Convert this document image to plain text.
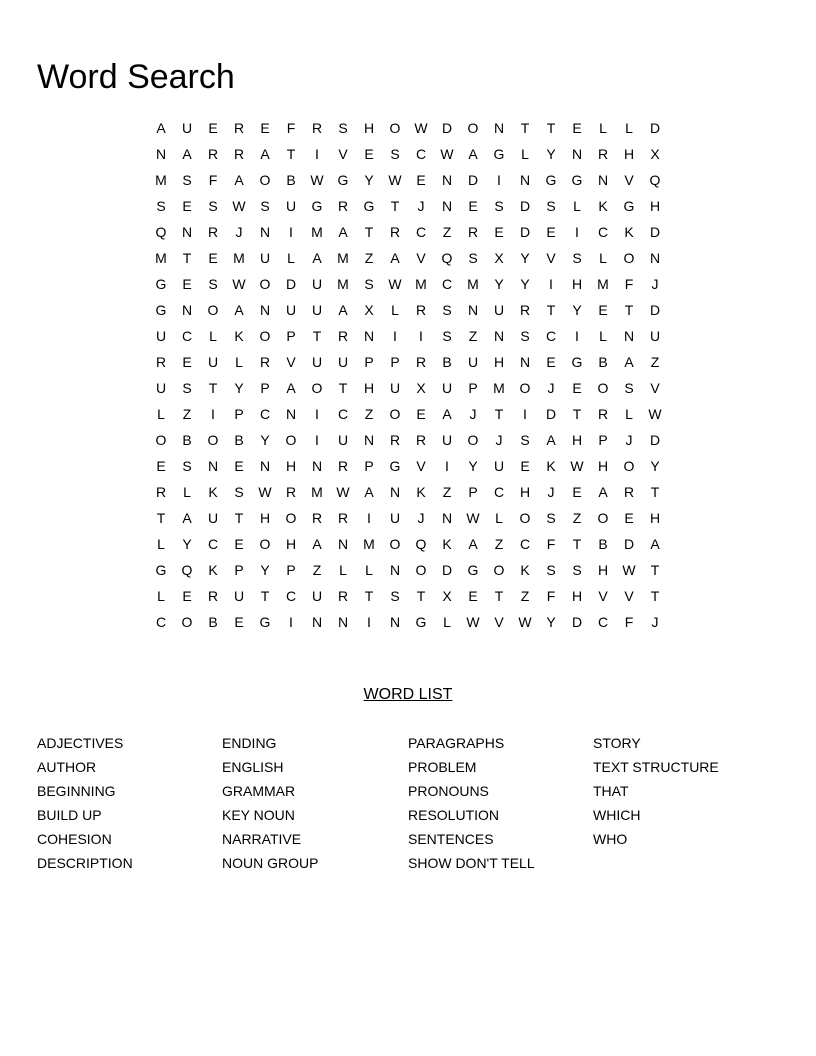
Word Search
A	U	E	R	E	F	R	S	H	O W	D	O	N	T	T	E	L	L	D
N	A	R	R	A	T	I	V	E	S	C	W	A	G	L	Y	N	R	H	X
M	S	F	A	O	B	W G	Y	W	E	N	D	I	N	G	G	N	V	Q
S	E	S	W	S	U	G	R	G	T	J	N	E	S	D	S	L	K	G	H
Q	N	R	J	N	I	M	A	T	R	C	Z	R	E	D	E	I	C	K	D
M	T	E	M	U	L	A	M	Z	A	V	Q	S	X	Y	V	S	L	O	N
G	E	S	W O	D	U	M	S	W M	C	M	Y	Y	I	H	M	F	J
G	N	O	A	N	U	U	A	X	L	R	S	N	U	R	T	Y	E	T	D
U	C	L	K	O	P	T	R	N	I	I	S	Z	N	S	C	I	L	N	U
R	E	U	L	R	V	U	U	P	P	R	B	U	H	N	E	G	B	A	Z
U	S	T	Y	P	A	O	T	H	U	X	U	P	M	O	J	E	O	S	V
L	Z	I	P	C	N	I	C	Z	O	E	A	J	T	I	D	T	R	L	W
O	B	O	B	Y	O	I	U	N	R	R	U	O	J	S	A	H	P	J	D
E	S	N	E	N	H	N	R	P	G	V	I	Y	U	E	K	W	H	O	Y
R	L	K	S	W	R	M W	A	N	K	Z	P	C	H	J	E	A	R	T
T	A	U	T	H	O	R	R	I	U	J	N	W	L	O	S	Z	O	E	H
L	Y	C	E	O	H	A	N	M	O	Q	K	A	Z	C	F	T	B	D	A
G	Q	K	P	Y	P	Z	L	L	N	O	D	G	O	K	S	S	H	W	T
L	E	R	U	T	C	U	R	T	S	T	X	E	T	Z	F	H	V	V	T
C	O	B	E	G	I	N	N	I	N	G	L	W	V	W	Y	D	C	F	J
WORD LIST
ADJECTIVES
AUTHOR
BEGINNING
BUILD UP
COHESION
DESCRIPTION
ENDING
ENGLISH
GRAMMAR
KEY NOUN
NARRATIVE
NOUN GROUP
PARAGRAPHS
PROBLEM
PRONOUNS
RESOLUTION
SENTENCES
SHOW DON'T TELL
STORY
TEXT STRUCTURE
THAT
WHICH
WHO
